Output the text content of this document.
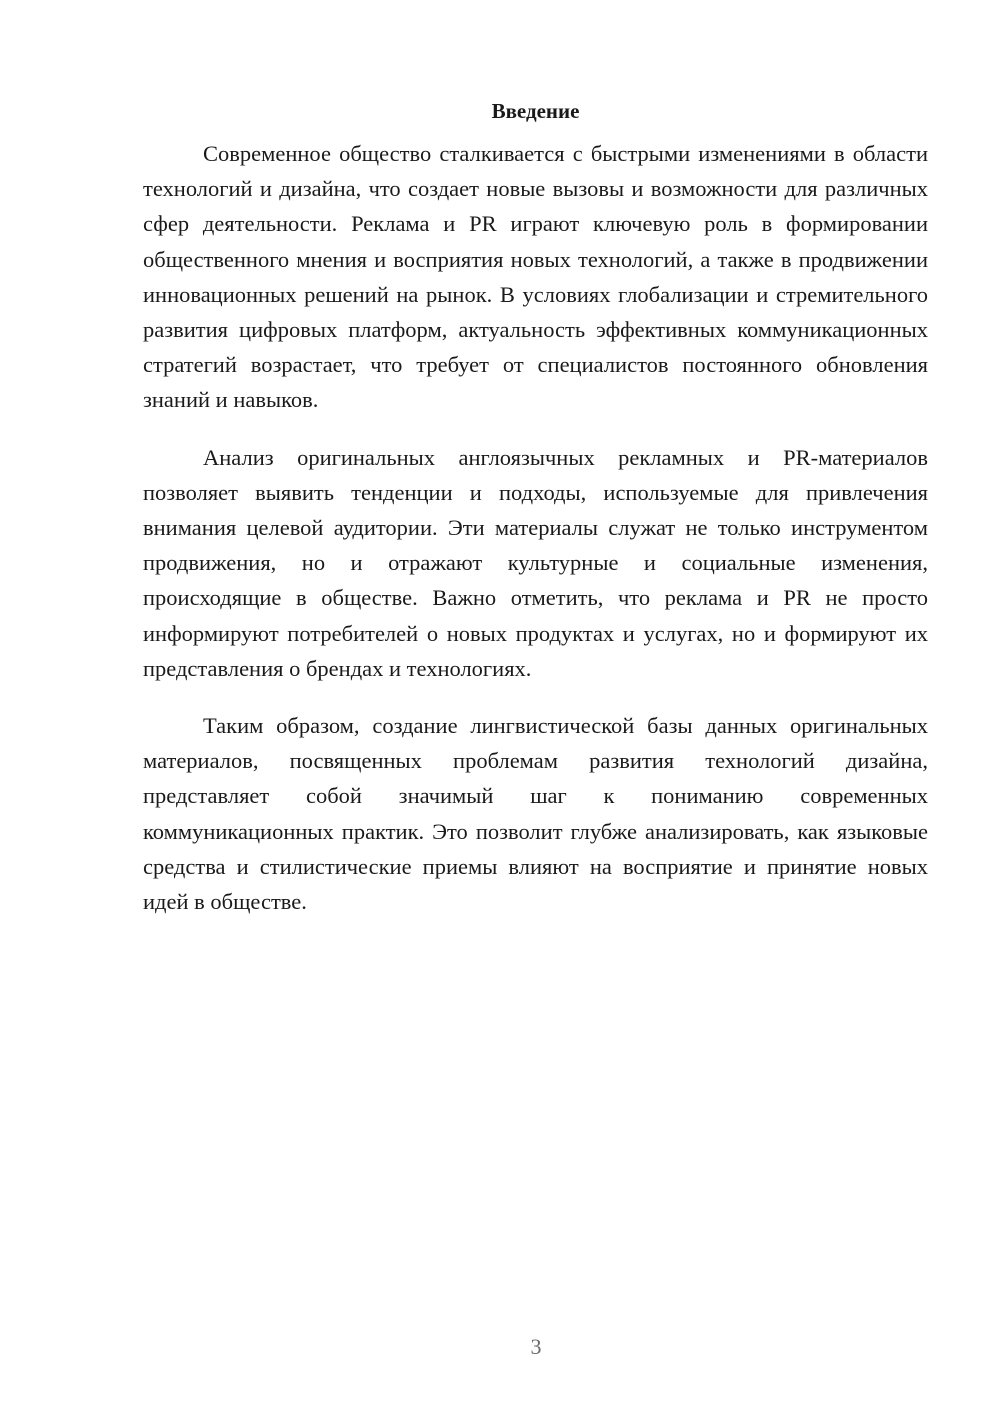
Введение

Современное общество сталкивается с быстрыми изменениями в области технологий и дизайна, что создает новые вызовы и возможности для различных сфер деятельности. Реклама и PR играют ключевую роль в формировании общественного мнения и восприятия новых технологий, а также в продвижении инновационных решений на рынок. В условиях глобализации и стремительного развития цифровых платформ, актуальность эффективных коммуникационных стратегий возрастает, что требует от специалистов постоянного обновления знаний и навыков.

Анализ оригинальных англоязычных рекламных и PR-материалов позволяет выявить тенденции и подходы, используемые для привлечения внимания целевой аудитории. Эти материалы служат не только инструментом продвижения, но и отражают культурные и социальные изменения, происходящие в обществе. Важно отметить, что реклама и PR не просто информируют потребителей о новых продуктах и услугах, но и формируют их представления о брендах и технологиях.

Таким образом, создание лингвистической базы данных оригинальных материалов, посвященных проблемам развития технологий дизайна, представляет собой значимый шаг к пониманию современных коммуникационных практик. Это позволит глубже анализировать, как языковые средства и стилистические приемы влияют на восприятие и принятие новых идей в обществе.

3
